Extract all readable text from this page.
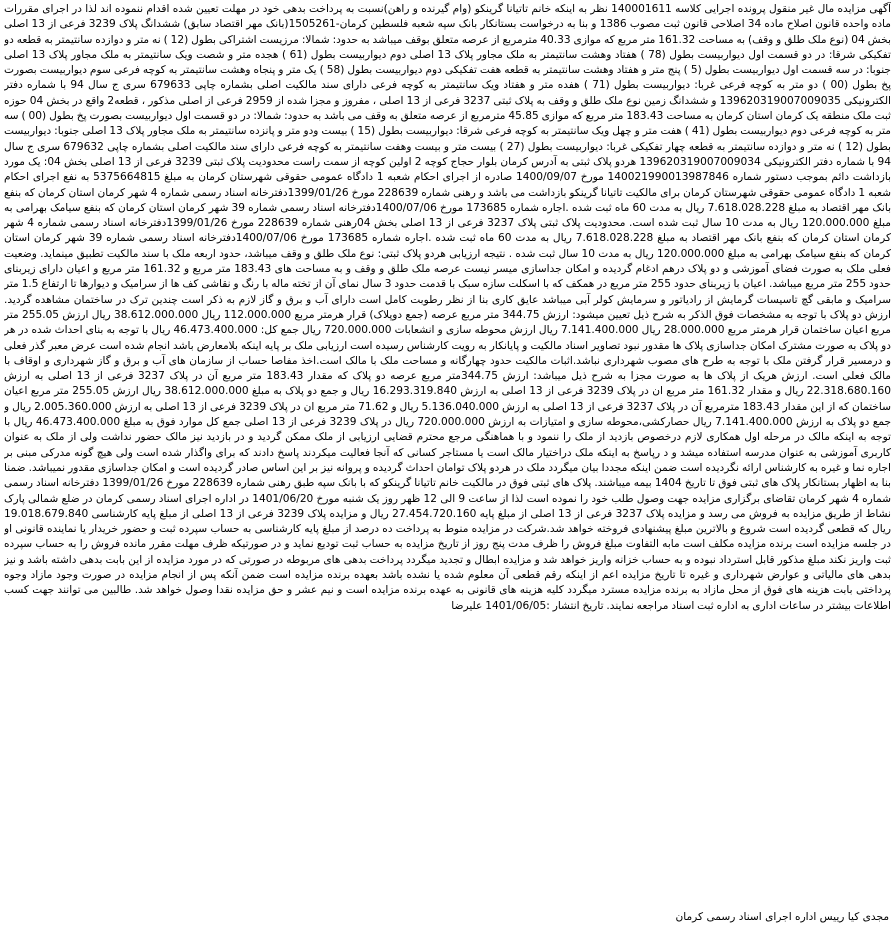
آگهی مزایده مال غیر منقول پرونده اجرایی کلاسه 140001611 نظر به اینکه خانم تاتیانا گرینکو (وام گیرنده و راهن)نسبت به پرداخت بدهی خود در مهلت تعیین شده اقدام ننموده اند لذا در اجرای مقررات ماده واحده قانون اصلاح ماده 34 اصلاحی قانون ثبت مصوب 1386 و بنا به درخواست بستانکار بانک سپه شعبه فلسطین کرمان-1505261(بانک مهر اقتصاد سابق) ششدانگ پلاک 3239 فرعی از 13 اصلی بخش 04 (نوع ملک طلق و وقف) به مساحت 161.32 متر مربع که موازی 40.33 مترمربع از عرصه متعلق بوقف میباشد به حدود: شمالا: مرزیست اشتراکی بطول (12 ) نه متر و دوازده سانتیمتر به قطعه دو تفکیکی شرقا: در دو قسمت اول دیواربیست بطول (78 ) هفتاد وهشت سانتیمتر به ملک مجاور پلاک 13 اصلی دوم دیواربیست بطول (61 ) هجده متر و شصت ویک سانتیمتر به ملک مجاور پلاک 13 اصلی جنوبا: در سه قسمت اول دیواربیست بطول (5 ) پنج متر و هفتاد وهشت سانتیمتر به قطعه هفت تفکیکی دوم دیواربیست بطول (58 ) یک متر و پنجاه وهشت سانتیمتر به کوچه فرعی سوم دیواربیست بصورت پخ بطول (00 ) دو متر به کوچه فرعی غربا: دیواربیست بطول (71 ) هفده متر و هفتاد ویک سانتیمتر به کوچه فرعی دارای سند مالکیت اصلی بشماره چاپی 679633 سری ج سال 94 با شماره دفتر الکترونیکی 139620319007009035 و ششدانگ زمین نوع ملک طلق و وقف به پلاک ثبتی 3237 فرعی از 13 اصلی ، مفروز و مجزا شده از 2959 فرعی از اصلی مذکور ، قطعه2 واقع در بخش 04 حوزه ثبت ملک منطقه یک کرمان استان کرمان به مساحت 183.43 متر مربع که موازی 45.85 مترمربع از عرصه متعلق به وقف می باشد به حدود: شمالا: در دو قسمت اول دیواربیست بصورت پخ بطول (00 ) سه متر به کوچه فرعی دوم دیواربیست بطول (41 ) هفت متر و چهل ویک سانتیمتر به کوچه فرعی شرقا: دیواربیست بطول (15 ) بیست ودو متر و پانزده سانتیمتر به ملک مجاور پلاک 13 اصلی جنوبا: دیواربیست بطول (12 ) نه متر و دوازده سانتیمتر به قطعه چهار تفکیکی غربا: دیواربیست بطول (27 ) بیست متر و بیست وهفت سانتیمتر به کوچه فرعی دارای سند مالکیت اصلی بشماره چاپی 679632 سری ج سال 94 با شماره دفتر الکترونیکی 139620319007009034 هردو پلاک ثبتی به آدرس کرمان بلوار حجاج کوچه 2 اولین کوچه از سمت راست محدودیت پلاک ثبتی 3239 فرعی از 13 اصلی بخش 04: یک مورد بازداشت دائم بموجب دستور شماره 140021990013987846 مورخ 1400/09/07 صادره از اجرای احکام شعبه 1 دادگاه عمومی حقوقی شهرستان کرمان به مبلغ 5375664815 به نفع اجرای احکام شعبه 1 دادگاه عمومی حقوقی شهرستان کرمان برای مالکیت تاتیانا گرینکو بازداشت می باشد و رهنی شماره 228639 مورخ 1399/01/26دفترخانه اسناد رسمی شماره 4 شهر کرمان استان کرمان که بنفع بانک مهر اقتصاد به مبلغ 7.618.028.228 ریال به مدت 60 ماه ثبت شده .اجاره شماره 173685 مورخ 1400/07/06دفترخانه اسناد رسمی شماره 39 شهر کرمان استان کرمان که بنفع سیامک بهرامی به مبلغ 120.000.000 ریال به مدت 10 سال ثبت شده است. محدودیت پلاک ثبتی پلاک 3237 فرعی از 13 اصلی بخش 04رهنی شماره 228639 مورخ 1399/01/26دفترخانه اسناد رسمی شماره 4 شهر کرمان استان کرمان که بنفع بانک مهر اقتصاد به مبلغ 7.618.028.228 ریال به مدت 60 ماه ثبت شده .اجاره شماره 173685 مورخ 1400/07/06دفترخانه اسناد رسمی شماره 39 شهر کرمان استان کرمان که بنفع سیامک بهرامی به مبلغ 120.000.000 ریال به مدت 10 سال ثبت شده . نتیجه ارزیابی هردو پلاک ثبتی: نوع ملک طلق و وقف میباشد، حدود اربعه ملک با سند مالکیت تطبیق مینماید. وضعیت فعلی ملک به صورت فضای آموزشی و دو پلاک درهم ادغام گردیده و امکان جداسازی میسر نیست عرصه ملک طلق و وقف و به مساحت های 183.43 متر مربع و 161.32 متر مربع و اعیان دارای زیربنای حدود 255 متر مربع میباشد. اعیان با زیربنای حدود 255 متر مربع در همکف که با اسکلت سازه سبک با قدمت حدود 3 سال نمای آن از تخته ماله با رنگ و نقاشی کف ها از سرامیک و دیوارها تا ارتفاع 1.5 متر سرامیک و مابقی گچ تاسیسات گرمایش از رادیاتور و سرمایش کولر آبی میباشد عایق کاری بنا از نظر رطوبت کامل است دارای آب و برق و گاز لازم به ذکر است چندین ترک در ساختمان مشاهده گردید. ارزش دو پلاک با توجه به مشخصات فوق الذکر به شرح ذیل تعیین میشود: ارزش 344.75 متر مربع عرصه (جمع دوپلاک) قرار هرمتر مربع 112.000.000 ریال 38.612.000.000 ریال ارزش 255.05 متر مربع اعیان ساختمان قرار هرمتر مربع 28.000.000 ریال 7.141.400.000 ریال ارزش محوطه سازی و انشعابات 720.000.000 ریال جمع کل: 46.473.400.000 ریال با توجه به بنای احداث شده در هر دو پلاک به صورت مشترک امکان جداسازی پلاک ها مقدور نبود تصاویر اسناد مالکیت و پایانکار به رویت کارشناس رسیده است ارزیابی ملک بر پایه اینکه بلامعارض باشد انجام شده است عرض معبر گذر فعلی و درمسیر قرار گرفتن ملک با توجه به طرح های مصوب شهرداری نباشد.اثبات مالکیت حدود چهارگانه و مساحت ملک با مالک است.اخذ مفاصا حساب از سازمان های آب و برق و گاز شهرداری و اوقاف با مالک فعلی است. ارزش هریک از پلاک ها به صورت مجزا به شرح ذیل میباشد: ارزش 344.75متر مربع عرصه دو پلاک که مقدار 183.43 متر مربع آن در پلاک 3237 فرعی از 13 اصلی به ارزش 22.318.680.160 ریال و مقدار 161.32 متر مربع ان در پلاک 3239 فرعی از 13 اصلی به ارزش 16.293.319.840 ریال و جمع دو پلاک به مبلغ 38.612.000.000 ریال ارزش 255.05 متر مربع اعیان ساختمان که از این مقدار 183.43 مترمربع آن در پلاک 3237 فرعی از 13 اصلی به ارزش 5.136.040.000 ریال و 71.62 متر مربع ان در پلاک 3239 فرعی از 13 اصلی به ارزش 2.005.360.000 ریال و جمع دو پلاک به ارزش 7.141.400.000 ریال حصارکشی،محوطه سازی و امتیازات به ارزش 720.000.000 ریال در پلاک 3239 فرعی از 13 اصلی جمع کل موارد فوق به مبلغ 46.473.400.000 ریال با توجه به اینکه مالک در مرحله اول همکاری لازم درخصوص بازدید از ملک را ننمود و با هماهنگی مرجع محترم قضایی ارزیابی از ملک ممکن گردید و در بازدید نیز مالک حضور نداشت ولی از ملک به عنوان کاربری آموزشی به عنوان مدرسه استفاده میشد و د رپاسخ به اینکه ملک دراختیار مالک است یا مستاجر کسانی که آنجا فعالیت میکردند پاسخ دادند که برای واگذار شده است ولی هیچ گونه مدرکی مبنی بر اجاره نما و غیره به کارشناس ارائه نگردیده است ضمن اینکه مجددا بیان میگردد ملک در هردو پلاک توامان احداث گردیده و پروانه نیز بر این اساس صادر گردیده است و امکان جداسازی مقدور نمیباشد. ضمنا بنا به اظهار بستانکار پلاک های ثبتی فوق تا تاریخ 1404 بیمه میباشند. پلاک های ثبتی فوق در مالکیت خانم تاتیانا گرینکو که با بانک سپه طبق رهنی شماره 228639 مورخ 1399/01/26 دفترخانه اسناد رسمی شماره 4 شهر کرمان تقاضای برگزاری مزایده جهت وصول طلب خود را نموده است لذا از ساعت 9 الی 12 ظهر روز یک شنبه مورخ 1401/06/20 در اداره اجرای اسناد رسمی کرمان در ضلع شمالی پارک نشاط از طریق مزایده به فروش می رسد و مزایده پلاک 3237 فرعی از 13 اصلی از مبلغ پایه 27.454.720.160 ریال و مزایده پلاک 3239 فرعی از 13 اصلی از مبلغ پایه کارشناسی 19.018.679.840 ریال که قطعی گردیده است شروع و بالاترین مبلغ پیشنهادی فروخته خواهد شد.شرکت در مزایده منوط به پرداخت ده درصد از مبلغ پایه کارشناسی به حساب سپرده ثبت و حضور خریدار یا نماینده قانونی او در جلسه مزایده است برنده مزایده مکلف است مابه التفاوت مبلغ فروش را ظرف مدت پنج روز از تاریخ مزایده به حساب ثبت تودیع نماید و در صورتیکه ظرف مهلت مقرر مانده فروش را به حساب سپرده ثبت واریز نکند مبلغ مذکور قابل استرداد نبوده و به حساب خزانه واریز خواهد شد و مزایده ابطال و تجدید میگردد پرداخت بدهی های مربوطه در صورتی که در مورد مزایده از این بابت بدهی داشته باشد و نیز بدهی های مالیاتی و عوارض شهرداری و غیره تا تاریخ مزایده اعم از اینکه رقم قطعی آن معلوم شده یا نشده باشد بعهده برنده مزایده است ضمن آنکه پس از انجام مزایده در صورت وجود مازاد وجوه پرداختی بابت هزینه های فوق از محل مازاد به برنده مزایده مسترد میگردد کلیه هزینه های قانونی به عهده برنده مزایده است و نیم عشر و حق مزایده نقدا وصول خواهد شد. طالبین می توانند جهت کسب اطلاعات بیشتر در ساعات اداری به اداره ثبت اسناد مراجعه نمایند. تاریخ انتشار :1401/06/05 علیرضا

مجدی کیا رییس اداره اجرای اسناد رسمی کرمان
